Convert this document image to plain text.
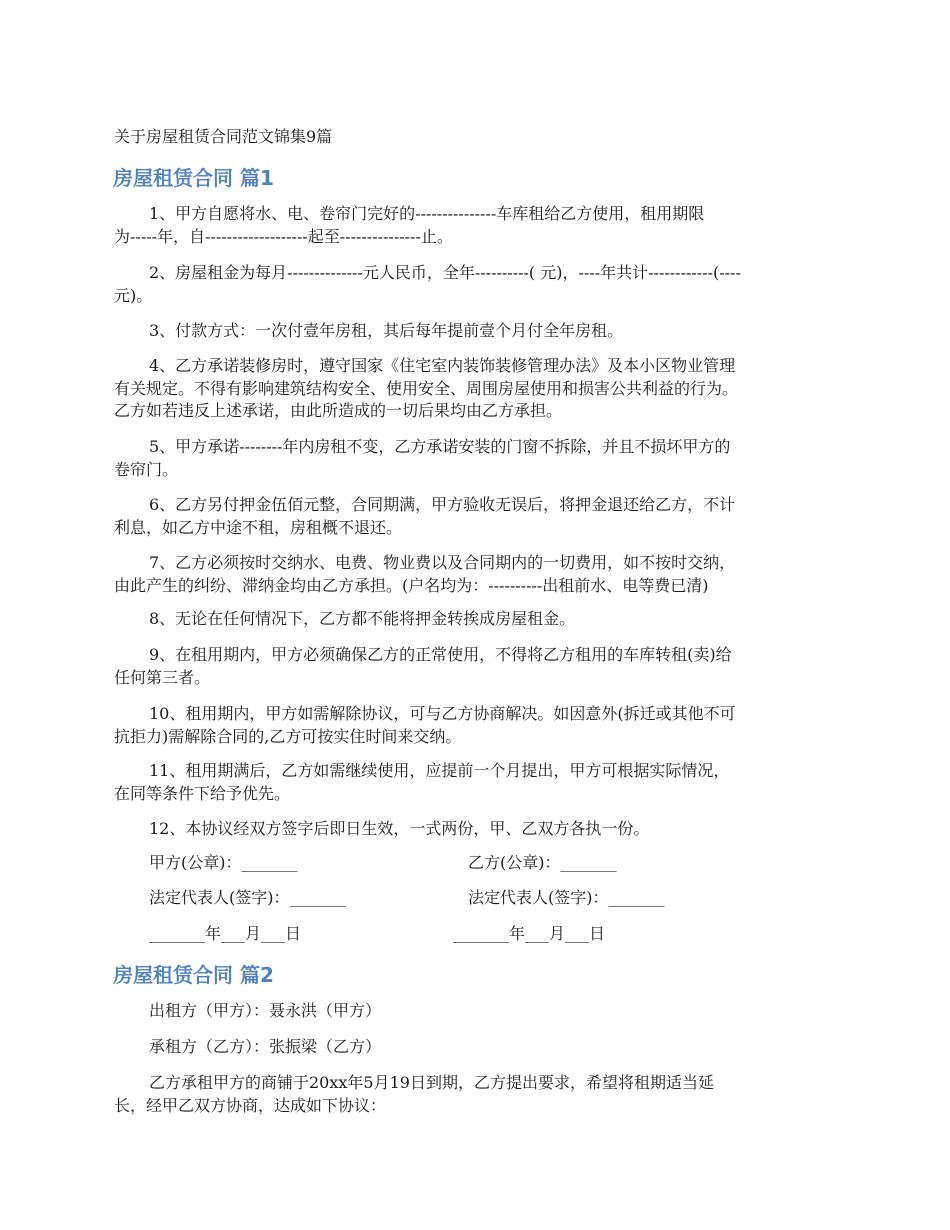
关于房屋租赁合同范文锦集9篇
房屋租赁合同 篇1
1、甲方自愿将水、电、卷帘门完好的---------------车库租给乙方使用，租用期限
为-----年，自-------------------起至---------------止。
2、房屋租金为每月--------------元人民币，全年----------( 元)，----年共计------------(----
元)。
3、付款方式：一次付壹年房租，其后每年提前壹个月付全年房租。
4、乙方承诺装修房时，遵守国家《住宅室内装饰装修管理办法》及本小区物业管理
有关规定。不得有影响建筑结构安全、使用安全、周围房屋使用和损害公共利益的行为。
乙方如若违反上述承诺，由此所造成的一切后果均由乙方承担。
5、甲方承诺--------年内房租不变，乙方承诺安装的门窗不拆除，并且不损坏甲方的
卷帘门。
6、乙方另付押金伍佰元整，合同期满，甲方验收无误后，将押金退还给乙方，不计
利息，如乙方中途不租，房租概不退还。
7、乙方必须按时交纳水、电费、物业费以及合同期内的一切费用，如不按时交纳，
由此产生的纠纷、滞纳金均由乙方承担。(户名均为：----------出租前水、电等费已清)
8、无论在任何情况下，乙方都不能将押金转挨成房屋租金。
9、在租用期内，甲方必须确保乙方的正常使用，不得将乙方租用的车库转租(卖)给
任何第三者。
10、租用期内，甲方如需解除协议，可与乙方协商解决。如因意外(拆迁或其他不可
抗拒力)需解除合同的,乙方可按实住时间来交纳。
11、租用期满后，乙方如需继续使用，应提前一个月提出，甲方可根据实际情况，
在同等条件下给予优先。
12、本协议经双方签字后即日生效，一式两份，甲、乙双方各执一份。
甲方(公章)：_______	乙方(公章)：_______
法定代表人(签字)：_______	法定代表人(签字)：_______
_______年___月___日	_______年___月___日
房屋租赁合同 篇2
出租方（甲方）：聂永洪（甲方）
承租方（乙方）：张振梁（乙方）
乙方承租甲方的商铺于20xx年5月19日到期，乙方提出要求，希望将租期适当延
长，经甲乙双方协商，达成如下协议：
